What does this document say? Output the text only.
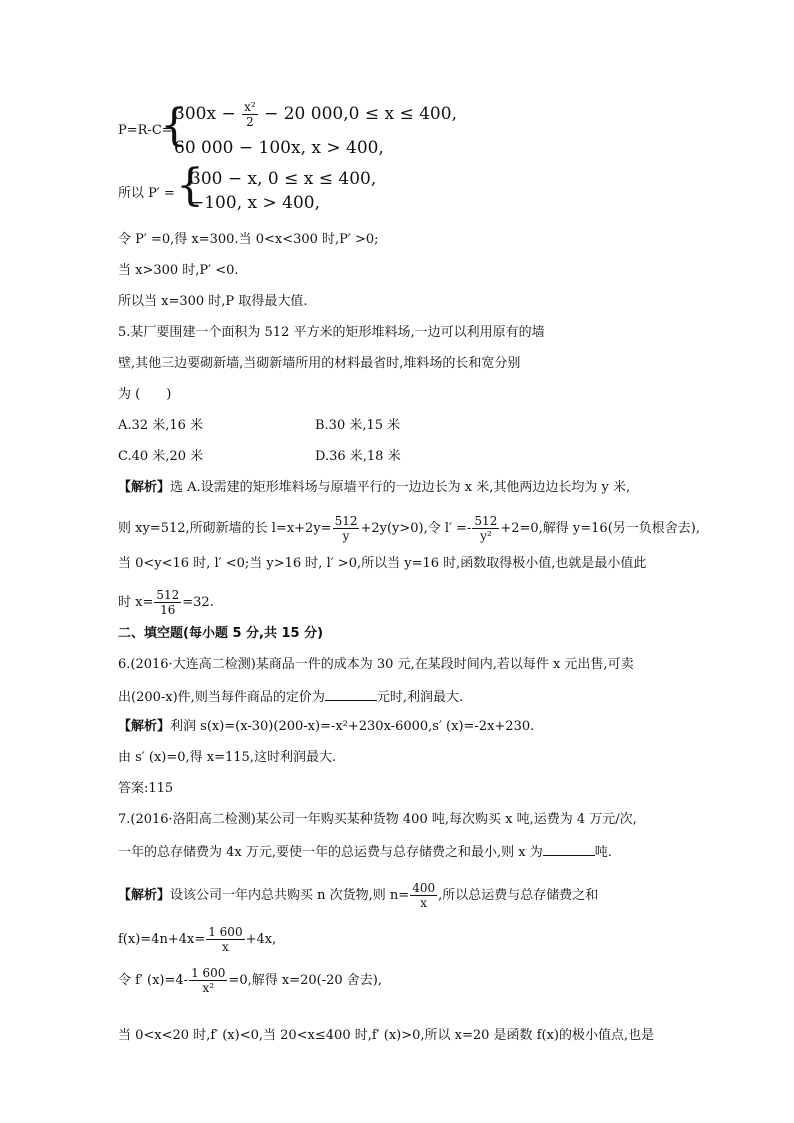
P=R-C=
{
$300x - \frac{\text{x²}}{2} - 20$ 000,0 ≤ x ≤ 400,
60 000 − 100x, x > 400,
所以 P′ = {
300 − x, 0 ≤ x ≤ 400,
−100, x > 400,
令 P′ =0,得 x=300.当 0<x<300 时,P′ >0;
当 x>300 时,P′ <0.
所以当 x=300 时,P 取得最大值.
5.某厂要围建一个面积为 512 平方米的矩形堆料场,一边可以利用原有的墙
壁,其他三边要砌新墙,当砌新墙所用的材料最省时,堆料场的长和宽分别
为 (　　)
A.32 米,16 米	B.30 米,15 米
C.40 米,20 米	D.36 米,18 米
【解析】选 A.设需建的矩形堆料场与原墙平行的一边边长为 x 米,其他两边边长均为 y 米,
则 xy=512,所砌新墙的长 $l=x+2y= \frac{512}{y} +2y(y>0)$,令 $l' =- \frac{512}{\text{y²}} +2=0$,解得 y=16(另一负根舍去),
当 0<y<16 时, l′ <0;当 y>16 时, l′ >0,所以当 y=16 时,函数取得极小值,也就是最小值此
时 $x= \frac{512}{16} =32$.
二、填空题(每小题 5 分,共 15 分)
6.(2016·大连高二检测)某商品一件的成本为 30 元,在某段时间内,若以每件 x 元出售,可卖
出(200-x)件,则当每件商品的定价为	元时,利润最大.
【解析】利润 s(x)=(x-30)(200-x)=-x²+230x-6000,s′ (x)=-2x+230.
由 s′ (x)=0,得 x=115,这时利润最大.
答案:115
7.(2016·洛阳高二检测)某公司一年购买某种货物 400 吨,每次购买 x 吨,运费为 4 万元/次,
一年的总存储费为 4x 万元,要使一年的总运费与总存储费之和最小,则 x 为	吨.
【解析】设该公司一年内总共购买 n 次货物,则 $n= \frac{400}{x}$ ,所以总运费与总存储费之和
$f(x)=4n+4x= \frac{1 600}{x} +4x$,
令 f′ $(x)=4- \frac{1 600}{\text{x²}} =0$,解得 x=20(-20 舍去),
当 0<x<20 时,f′ (x)<0,当 20<x≤400 时,f′ (x)>0,所以 x=20 是函数 f(x)的极小值点,也是
